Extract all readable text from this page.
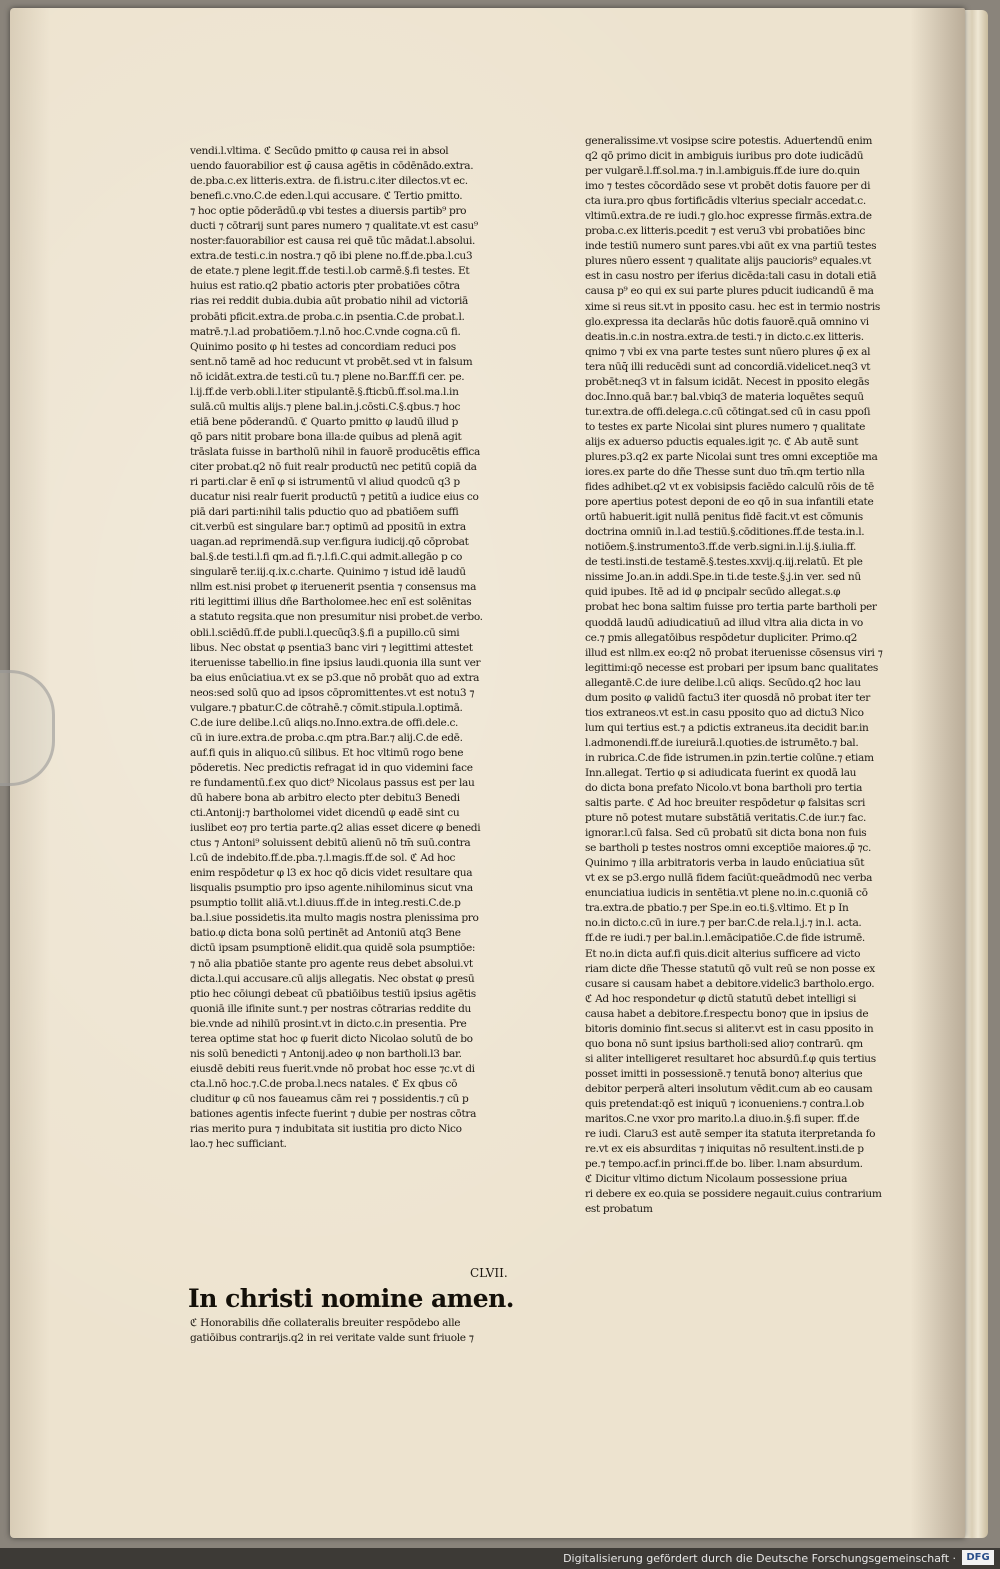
vendi.l.vltima. ℭ Secūdo pmitto φ causa rei in absol
uendo fauorabilior est φ̄ causa agētis in cōdēnādo.extra.
de.pba.c.ex litteris.extra. de fi.istru.c.iter dilectos.vt ec.
benefi.c.vno.C.de eden.l.qui accusare. ℭ Tertio pmitto.
⁊ hoc optie pōderādū.φ vbi testes a diuersis partib⁹ pro
ducti ⁊ cōtrarij sunt pares numero ⁊ qualitate.vt est casu⁹
noster:fauorabilior est causa rei quē tūc mādat.l.absolui.
extra.de testi.c.in nostra.⁊ qō ibi plene no.ff.de.pba.l.cu3
de etate.⁊ plene legit.ff.de testi.l.ob carmē.§.fi testes. Et
huius est ratio.q2 pbatio actoris pter probatiōes cōtra
rias rei reddit dubia.dubia aūt probatio nihil ad victoriā
probāti pficit.extra.de proba.c.in psentia.C.de probat.l.
matrē.⁊.l.ad probatiōem.⁊.l.nō hoc.C.vnde cogna.cū fi.
Quinimo posito φ hi testes ad concordiam reduci pos
sent.nō tamē ad hoc reducunt vt probēt.sed vt in falsum
nō icidāt.extra.de testi.cū tu.⁊ plene no.Bar.ff.fi cer. pe.
l.ij.ff.de verb.obli.l.iter stipulantē.§.fticbū.ff.sol.ma.l.in
sulā.cū multis alijs.⁊ plene bal.in.j.cōsti.C.§.qbus.⁊ hoc
etiā bene pōderandū. ℭ Quarto pmitto φ laudū illud p
qō pars nitit probare bona illa:de quibus ad plenā agit
trāslata fuisse in bartholū nihil in fauorē producētis effica
citer probat.q2 nō fuit realr productū nec petitū copiā da
ri parti.clar ē enī φ si istrumentū vl aliud quodcū q3 p
ducatur nisi realr fuerit productū ⁊ petitū a iudice eius co
piā dari parti:nihil talis pductio quo ad pbatiōem suffi
cit.verbū est singulare bar.⁊ optimū ad ppositū in extra
uagan.ad reprimendā.sup ver.figura iudicij.qō cōprobat
bal.§.de testi.l.fi qm.ad fi.⁊.l.fi.C.qui admit.allegāo p co
singularē ter.iij.q.ix.c.charte. Quinimo ⁊ istud idē laudū
nllm est.nisi probet φ iteruenerit psentia ⁊ consensus ma
riti legittimi illius dñe Bartholomee.hec enī est solēnitas
a statuto regsita.que non presumitur nisi probet.de verbo.
obli.l.sciēdū.ff.de publi.l.quecūq3.§.fi a pupillo.cū simi
libus. Nec obstat φ psentia3 banc viri ⁊ legittimi attestet
iteruenisse tabellio.in fine ipsius laudi.quonia illa sunt ver
ba eius enūciatiua.vt ex se p3.que nō probāt quo ad extra
neos:sed solū quo ad ipsos cōpromittentes.vt est notu3 ⁊
vulgare.⁊ pbatur.C.de cōtrahē.⁊ cōmit.stipula.l.optimā.
C.de iure delibe.l.cū aliqs.no.Inno.extra.de offi.dele.c.
cū in iure.extra.de proba.c.qm ptra.Bar.⁊ alij.C.de edē.
auf.fi quis in aliquo.cū silibus. Et hoc vltimū rogo bene
pōderetis. Nec predictis refragat id in quo videmini face
re fundamentū.f.ex quo dict⁹ Nicolaus passus est per lau
dū habere bona ab arbitro electo pter debitu3 Benedi
cti.Antonij:⁊ bartholomei videt dicendū φ eadē sint cu
iuslibet eo⁊ pro tertia parte.q2 alias esset dicere φ benedi
ctus ⁊ Antoni⁹ soluissent debitū alienū nō tm̄ suū.contra
l.cū de indebito.ff.de.pba.⁊.l.magis.ff.de sol. ℭ Ad hoc
enim respōdetur φ l3 ex hoc qō dicis videt resultare qua
lisqualis psumptio pro ipso agente.nihilominus sicut vna
psumptio tollit aliā.vt.l.diuus.ff.de in integ.resti.C.de.p
ba.l.siue possidetis.ita multo magis nostra plenissima pro
batio.φ dicta bona solū pertinēt ad Antoniū atq3 Bene
dictū ipsam psumptionē elidit.qua quidē sola psumptiōe:
⁊ nō alia pbatiōe stante pro agente reus debet absolui.vt
dicta.l.qui accusare.cū alijs allegatis. Nec obstat φ presū
ptio hec cōiungi debeat cū pbatiōibus testiū ipsius agētis
quoniā ille ifinite sunt.⁊ per nostras cōtrarias reddite du
bie.vnde ad nihilū prosint.vt in dicto.c.in presentia. Pre
terea optime stat hoc φ fuerit dicto Nicolao solutū de bo
nis solū benedicti ⁊ Antonij.adeo φ non bartholi.l3 bar.
eiusdē debiti reus fuerit.vnde nō probat hoc esse ⁊c.vt di
cta.l.nō hoc.⁊.C.de proba.l.necs natales. ℭ Ex qbus cō
cluditur φ cū nos faueamus cām rei ⁊ possidentis.⁊ cū p
bationes agentis infecte fuerint ⁊ dubie per nostras cōtra
rias merito pura ⁊ indubitata sit iustitia pro dicto Nico
lao.⁊ hec sufficiant.
CLVII.
In christi nomine amen.
ℭ Honorabilis dñe collateralis breuiter respōdebo alle
gatiōibus contrarijs.q2 in rei veritate valde sunt friuole ⁊
generalissime.vt vosipse scire potestis. Aduertendū enim
q2 qō primo dicit in ambiguis iuribus pro dote iudicādū
per vulgarē.l.ff.sol.ma.⁊ in.l.ambiguis.ff.de iure do.quin
imo ⁊ testes cōcordādo sese vt probēt dotis fauore per di
cta iura.pro qbus fortificādis vlterius specialr accedat.c.
vltimū.extra.de re iudi.⁊ glo.hoc expresse firmās.extra.de
proba.c.ex litteris.pcedit ⁊ est veru3 vbi probatiōes binc
inde testiū numero sunt pares.vbi aūt ex vna partiū testes
plures nūero essent ⁊ qualitate alijs paucioris⁹ equales.vt
est in casu nostro per iferius dicēda:tali casu in dotali etiā
causa p⁹ eo qui ex sui parte plures pducit iudicandū ē ma
xime si reus sit.vt in pposito casu. hec est in termio nostris
glo.expressa ita declarās hūc dotis fauorē.quā omnino vi
deatis.in.c.in nostra.extra.de testi.⁊ in dicto.c.ex litteris.
qnimo ⁊ vbi ex vna parte testes sunt nūero plures φ̄ ex al
tera nūq̄ illi reducēdi sunt ad concordiā.videlicet.neq3 vt
probēt:neq3 vt in falsum icidāt. Necest in pposito elegās
doc.Inno.quā bar.⁊ bal.vbiq3 de materia loquētes sequū
tur.extra.de offi.delega.c.cū cōtingat.sed cū in casu ppoſi
to testes ex parte Nicolai sint plures numero ⁊ qualitate
alijs ex aduerso pductis equales.igit ⁊c. ℭ Ab autē sunt
plures.p3.q2 ex parte Nicolai sunt tres omni exceptiōe ma
iores.ex parte do dñe Thesse sunt duo tm̄.qm tertio nlla
fides adhibet.q2 vt ex vobisipsis faciēdo calculū rōis de tē
pore apertius potest deponi de eo qō in sua infantili etate
ortū habuerit.igit nullā penitus fidē facit.vt est cōmunis
doctrina omniū in.l.ad testiū.§.cōditiones.ff.de testa.in.l.
notiōem.§.instrumento3.ff.de verb.signi.in.l.ij.§.iulia.ff.
de testi.insti.de testamē.§.testes.xxvij.q.iij.relatū. Et ple
nissime Jo.an.in addi.Spe.in ti.de teste.§.j.in ver. sed nū
quid ipubes. Itē ad id φ pncipalr secūdo allegat.s.φ
probat hec bona saltim fuisse pro tertia parte bartholi per
quoddā laudū adiudicatiuū ad illud vltra alia dicta in vo
ce.⁊ pmis allegatōibus respōdetur dupliciter. Primo.q2
illud est nllm.ex eo:q2 nō probat iteruenisse cōsensus viri ⁊
legittimi:qō necesse est probari per ipsum banc qualitates
allegantē.C.de iure delibe.l.cū aliqs. Secūdo.q2 hoc lau
dum posito φ validū factu3 iter quosdā nō probat iter ter
tios extraneos.vt est.in casu pposito quo ad dictu3 Nico
lum qui tertius est.⁊ a pdictis extraneus.ita decidit bar.in
l.admonendi.ff.de iureiurā.l.quoties.de istrumēto.⁊ bal.
in rubrica.C.de fide istrumen.in pzin.tertie colūne.⁊ etiam
Inn.allegat. Tertio φ si adiudicata fuerint ex quodā lau
do dicta bona prefato Nicolo.vt bona bartholi pro tertia
saltis parte. ℭ Ad hoc breuiter respōdetur φ falsitas scri
pture nō potest mutare substātiā veritatis.C.de iur.⁊ fac.
ignorar.l.cū falsa. Sed cū probatū sit dicta bona non fuis
se bartholi p testes nostros omni exceptiōe maiores.φ̄ ⁊c.
Quinimo ⁊ illa arbitratoris verba in laudo enūciatiua sūt
vt ex se p3.ergo nullā fidem faciūt:queādmodū nec verba
enunciatiua iudicis in sentētia.vt plene no.in.c.quoniā cō
tra.extra.de pbatio.⁊ per Spe.in eo.ti.§.vltimo. Et p In
no.in dicto.c.cū in iure.⁊ per bar.C.de rela.l.j.⁊ in.l. acta.
ff.de re iudi.⁊ per bal.in.l.emācipatiōe.C.de fide istrumē.
Et no.in dicta auf.fi quis.dicit alterius sufficere ad victo
riam dicte dñe Thesse statutū qō vult reū se non posse ex
cusare si causam habet a debitore.videlic3 bartholo.ergo.
ℭ Ad hoc respondetur φ dictū statutū debet intelligi si
causa habet a debitore.f.respectu bono⁊ que in ipsius de
bitoris dominio fint.secus si aliter.vt est in casu pposito in
quo bona nō sunt ipsius bartholi:sed alio⁊ contrarū. qm
si aliter intelligeret resultaret hoc absurdū.f.φ quis tertius
posset imitti in possessionē.⁊ tenutā bono⁊ alterius que
debitor perperā alteri insolutum vēdit.cum ab eo causam
quis pretendat:qō est iniquū ⁊ iconueniens.⁊ contra.l.ob
maritos.C.ne vxor pro marito.l.a diuo.in.§.fi super. ff.de
re iudi. Claru3 est autē semper ita statuta iterpretanda fo
re.vt ex eis absurditas ⁊ iniquitas nō resultent.insti.de p
pe.⁊ tempo.acf.in princi.ff.de bo. liber. l.nam absurdum.
ℭ Dicitur vltimo dictum Nicolaum possessione priua
ri debere ex eo.quia se possidere negauit.cuius contrarium
est probatum
Digitalisierung gefördert durch die Deutsche Forschungsgemeinschaft ·	DFG
